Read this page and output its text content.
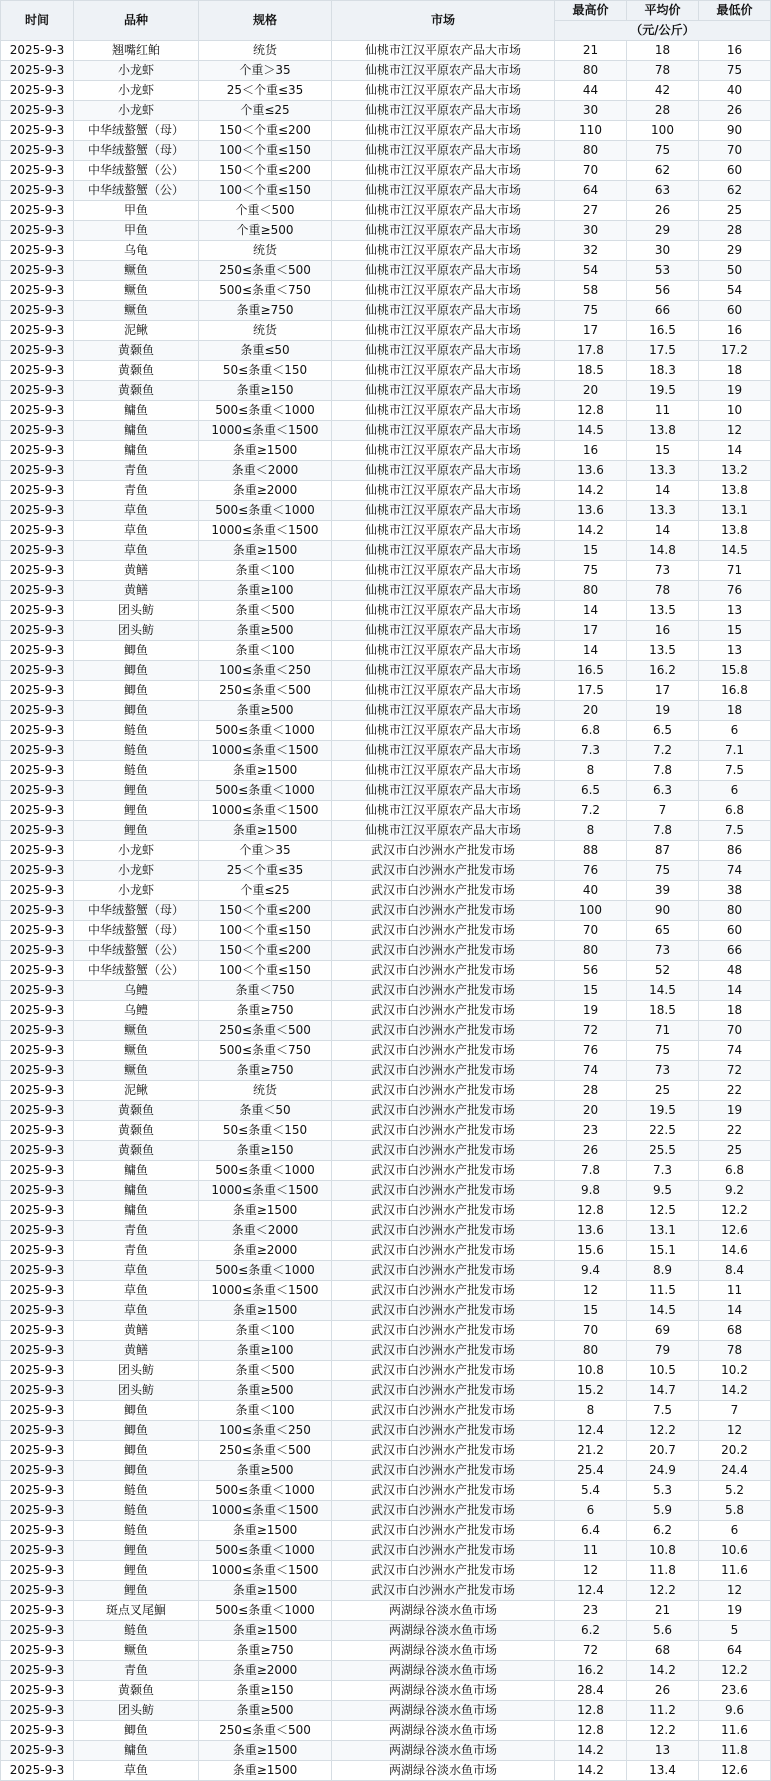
时间	品种	规格	市场	最高价	平均价	最低价
				（元/公斤）		
2025-9-3	翘嘴红鲌	统货	仙桃市江汉平原农产品大市场	21	18	16
2025-9-3	小龙虾	个重＞35	仙桃市江汉平原农产品大市场	80	78	75
2025-9-3	小龙虾	25＜个重≤35	仙桃市江汉平原农产品大市场	44	42	40
2025-9-3	小龙虾	个重≤25	仙桃市江汉平原农产品大市场	30	28	26
2025-9-3	中华绒螯蟹（母）	150＜个重≤200	仙桃市江汉平原农产品大市场	110	100	90
2025-9-3	中华绒螯蟹（母）	100＜个重≤150	仙桃市江汉平原农产品大市场	80	75	70
2025-9-3	中华绒螯蟹（公）	150＜个重≤200	仙桃市江汉平原农产品大市场	70	62	60
2025-9-3	中华绒螯蟹（公）	100＜个重≤150	仙桃市江汉平原农产品大市场	64	63	62
2025-9-3	甲鱼	个重＜500	仙桃市江汉平原农产品大市场	27	26	25
2025-9-3	甲鱼	个重≥500	仙桃市江汉平原农产品大市场	30	29	28
2025-9-3	乌龟	统货	仙桃市江汉平原农产品大市场	32	30	29
2025-9-3	鳜鱼	250≤条重＜500	仙桃市江汉平原农产品大市场	54	53	50
2025-9-3	鳜鱼	500≤条重＜750	仙桃市江汉平原农产品大市场	58	56	54
2025-9-3	鳜鱼	条重≥750	仙桃市江汉平原农产品大市场	75	66	60
2025-9-3	泥鳅	统货	仙桃市江汉平原农产品大市场	17	16.5	16
2025-9-3	黄颡鱼	条重≤50	仙桃市江汉平原农产品大市场	17.8	17.5	17.2
2025-9-3	黄颡鱼	50≤条重＜150	仙桃市江汉平原农产品大市场	18.5	18.3	18
2025-9-3	黄颡鱼	条重≥150	仙桃市江汉平原农产品大市场	20	19.5	19
2025-9-3	鳙鱼	500≤条重＜1000	仙桃市江汉平原农产品大市场	12.8	11	10
2025-9-3	鳙鱼	1000≤条重＜1500	仙桃市江汉平原农产品大市场	14.5	13.8	12
2025-9-3	鳙鱼	条重≥1500	仙桃市江汉平原农产品大市场	16	15	14
2025-9-3	青鱼	条重＜2000	仙桃市江汉平原农产品大市场	13.6	13.3	13.2
2025-9-3	青鱼	条重≥2000	仙桃市江汉平原农产品大市场	14.2	14	13.8
2025-9-3	草鱼	500≤条重＜1000	仙桃市江汉平原农产品大市场	13.6	13.3	13.1
2025-9-3	草鱼	1000≤条重＜1500	仙桃市江汉平原农产品大市场	14.2	14	13.8
2025-9-3	草鱼	条重≥1500	仙桃市江汉平原农产品大市场	15	14.8	14.5
2025-9-3	黄鳝	条重＜100	仙桃市江汉平原农产品大市场	75	73	71
2025-9-3	黄鳝	条重≥100	仙桃市江汉平原农产品大市场	80	78	76
2025-9-3	团头鲂	条重＜500	仙桃市江汉平原农产品大市场	14	13.5	13
2025-9-3	团头鲂	条重≥500	仙桃市江汉平原农产品大市场	17	16	15
2025-9-3	鲫鱼	条重＜100	仙桃市江汉平原农产品大市场	14	13.5	13
2025-9-3	鲫鱼	100≤条重＜250	仙桃市江汉平原农产品大市场	16.5	16.2	15.8
2025-9-3	鲫鱼	250≤条重＜500	仙桃市江汉平原农产品大市场	17.5	17	16.8
2025-9-3	鲫鱼	条重≥500	仙桃市江汉平原农产品大市场	20	19	18
2025-9-3	鲢鱼	500≤条重＜1000	仙桃市江汉平原农产品大市场	6.8	6.5	6
2025-9-3	鲢鱼	1000≤条重＜1500	仙桃市江汉平原农产品大市场	7.3	7.2	7.1
2025-9-3	鲢鱼	条重≥1500	仙桃市江汉平原农产品大市场	8	7.8	7.5
2025-9-3	鲤鱼	500≤条重＜1000	仙桃市江汉平原农产品大市场	6.5	6.3	6
2025-9-3	鲤鱼	1000≤条重＜1500	仙桃市江汉平原农产品大市场	7.2	7	6.8
2025-9-3	鲤鱼	条重≥1500	仙桃市江汉平原农产品大市场	8	7.8	7.5
2025-9-3	小龙虾	个重＞35	武汉市白沙洲水产批发市场	88	87	86
2025-9-3	小龙虾	25＜个重≤35	武汉市白沙洲水产批发市场	76	75	74
2025-9-3	小龙虾	个重≤25	武汉市白沙洲水产批发市场	40	39	38
2025-9-3	中华绒螯蟹（母）	150＜个重≤200	武汉市白沙洲水产批发市场	100	90	80
2025-9-3	中华绒螯蟹（母）	100＜个重≤150	武汉市白沙洲水产批发市场	70	65	60
2025-9-3	中华绒螯蟹（公）	150＜个重≤200	武汉市白沙洲水产批发市场	80	73	66
2025-9-3	中华绒螯蟹（公）	100＜个重≤150	武汉市白沙洲水产批发市场	56	52	48
2025-9-3	乌鳢	条重＜750	武汉市白沙洲水产批发市场	15	14.5	14
2025-9-3	乌鳢	条重≥750	武汉市白沙洲水产批发市场	19	18.5	18
2025-9-3	鳜鱼	250≤条重＜500	武汉市白沙洲水产批发市场	72	71	70
2025-9-3	鳜鱼	500≤条重＜750	武汉市白沙洲水产批发市场	76	75	74
2025-9-3	鳜鱼	条重≥750	武汉市白沙洲水产批发市场	74	73	72
2025-9-3	泥鳅	统货	武汉市白沙洲水产批发市场	28	25	22
2025-9-3	黄颡鱼	条重＜50	武汉市白沙洲水产批发市场	20	19.5	19
2025-9-3	黄颡鱼	50≤条重＜150	武汉市白沙洲水产批发市场	23	22.5	22
2025-9-3	黄颡鱼	条重≥150	武汉市白沙洲水产批发市场	26	25.5	25
2025-9-3	鳙鱼	500≤条重＜1000	武汉市白沙洲水产批发市场	7.8	7.3	6.8
2025-9-3	鳙鱼	1000≤条重＜1500	武汉市白沙洲水产批发市场	9.8	9.5	9.2
2025-9-3	鳙鱼	条重≥1500	武汉市白沙洲水产批发市场	12.8	12.5	12.2
2025-9-3	青鱼	条重＜2000	武汉市白沙洲水产批发市场	13.6	13.1	12.6
2025-9-3	青鱼	条重≥2000	武汉市白沙洲水产批发市场	15.6	15.1	14.6
2025-9-3	草鱼	500≤条重＜1000	武汉市白沙洲水产批发市场	9.4	8.9	8.4
2025-9-3	草鱼	1000≤条重＜1500	武汉市白沙洲水产批发市场	12	11.5	11
2025-9-3	草鱼	条重≥1500	武汉市白沙洲水产批发市场	15	14.5	14
2025-9-3	黄鳝	条重＜100	武汉市白沙洲水产批发市场	70	69	68
2025-9-3	黄鳝	条重≥100	武汉市白沙洲水产批发市场	80	79	78
2025-9-3	团头鲂	条重＜500	武汉市白沙洲水产批发市场	10.8	10.5	10.2
2025-9-3	团头鲂	条重≥500	武汉市白沙洲水产批发市场	15.2	14.7	14.2
2025-9-3	鲫鱼	条重＜100	武汉市白沙洲水产批发市场	8	7.5	7
2025-9-3	鲫鱼	100≤条重＜250	武汉市白沙洲水产批发市场	12.4	12.2	12
2025-9-3	鲫鱼	250≤条重＜500	武汉市白沙洲水产批发市场	21.2	20.7	20.2
2025-9-3	鲫鱼	条重≥500	武汉市白沙洲水产批发市场	25.4	24.9	24.4
2025-9-3	鲢鱼	500≤条重＜1000	武汉市白沙洲水产批发市场	5.4	5.3	5.2
2025-9-3	鲢鱼	1000≤条重＜1500	武汉市白沙洲水产批发市场	6	5.9	5.8
2025-9-3	鲢鱼	条重≥1500	武汉市白沙洲水产批发市场	6.4	6.2	6
2025-9-3	鲤鱼	500≤条重＜1000	武汉市白沙洲水产批发市场	11	10.8	10.6
2025-9-3	鲤鱼	1000≤条重＜1500	武汉市白沙洲水产批发市场	12	11.8	11.6
2025-9-3	鲤鱼	条重≥1500	武汉市白沙洲水产批发市场	12.4	12.2	12
2025-9-3	斑点叉尾鮰	500≤条重＜1000	两湖绿谷淡水鱼市场	23	21	19
2025-9-3	鲢鱼	条重≥1500	两湖绿谷淡水鱼市场	6.2	5.6	5
2025-9-3	鳜鱼	条重≥750	两湖绿谷淡水鱼市场	72	68	64
2025-9-3	青鱼	条重≥2000	两湖绿谷淡水鱼市场	16.2	14.2	12.2
2025-9-3	黄颡鱼	条重≥150	两湖绿谷淡水鱼市场	28.4	26	23.6
2025-9-3	团头鲂	条重≥500	两湖绿谷淡水鱼市场	12.8	11.2	9.6
2025-9-3	鲫鱼	250≤条重＜500	两湖绿谷淡水鱼市场	12.8	12.2	11.6
2025-9-3	鳙鱼	条重≥1500	两湖绿谷淡水鱼市场	14.2	13	11.8
2025-9-3	草鱼	条重≥1500	两湖绿谷淡水鱼市场	14.2	13.4	12.6
